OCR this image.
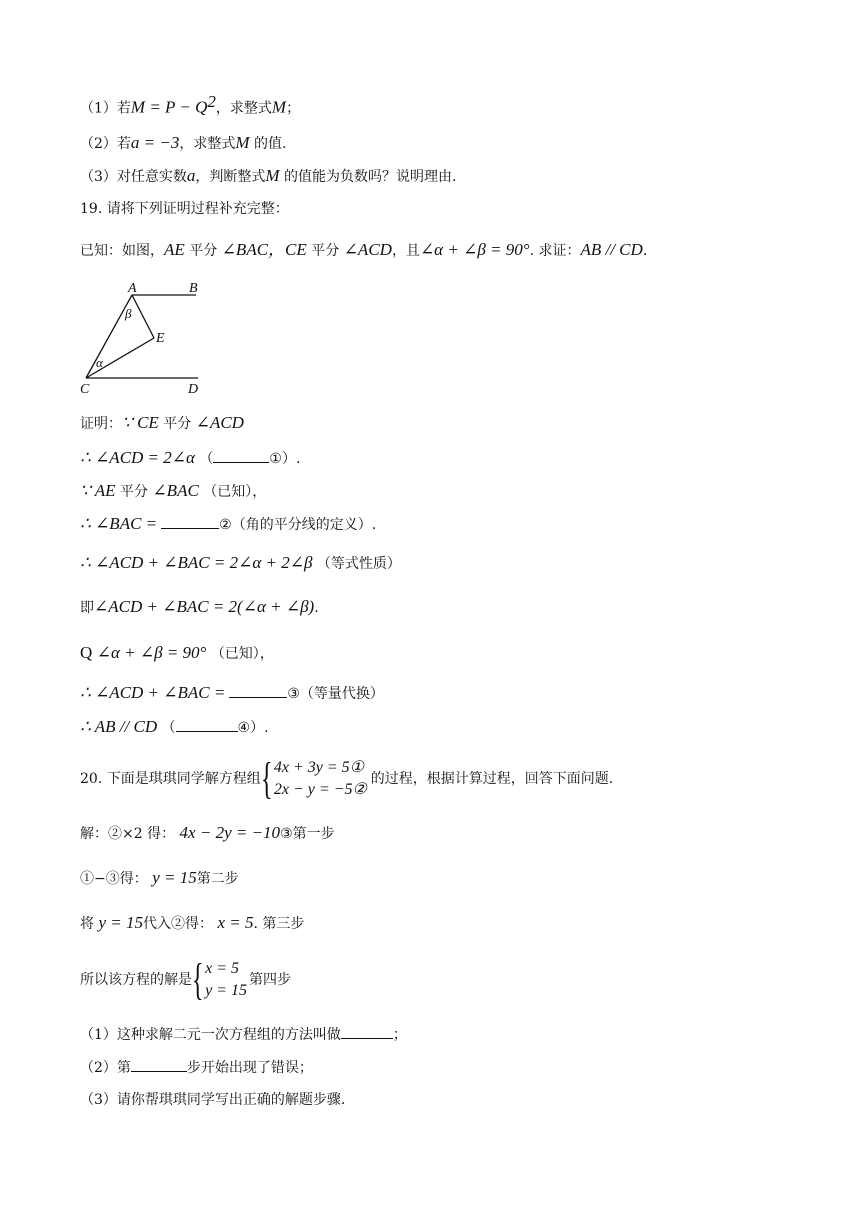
（1）若$M = P - Q^2$，求整式M；
（2）若a = −3，求整式M 的值.
（3）对任意实数a，判断整式M 的值能为负数吗？说明理由.
19. 请将下列证明过程补充完整：
已知：如图，AE 平分 ∠BAC，CE 平分 ∠ACD，且∠α + ∠β = 90°. 求证：AB // CD.
A	B
C	D
E
β
α
证明：∵ CE 平分 ∠ACD
∴ ∠ACD = 2∠α （	①）.
∵ AE 平分 ∠BAC （已知），
∴ ∠BAC =	②（角的平分线的定义）.
∴ ∠ACD + ∠BAC = 2∠α + 2∠β （等式性质）
即∠ACD + ∠BAC = 2(∠α + ∠β).
Q ∠α + ∠β = 90° （已知），
∴ ∠ACD + ∠BAC =	③（等量代换）
∴ AB // CD （	④）.
20. 下面是琪琪同学解方程组 { 4x + 3y = 5①
2x − y = −5②
的过程，根据计算过程，回答下面问题.
解：②×2 得： 4x − 2y = −10③第一步
①−③得： y = 15第二步
将 y = 15代入②得： x = 5. 第三步
所以该方程的解是 { x = 5
y = 15
第四步
（1）这种求解二元一次方程组的方法叫做	；
（2）第	步开始出现了错误；
（3）请你帮琪琪同学写出正确的解题步骤.
